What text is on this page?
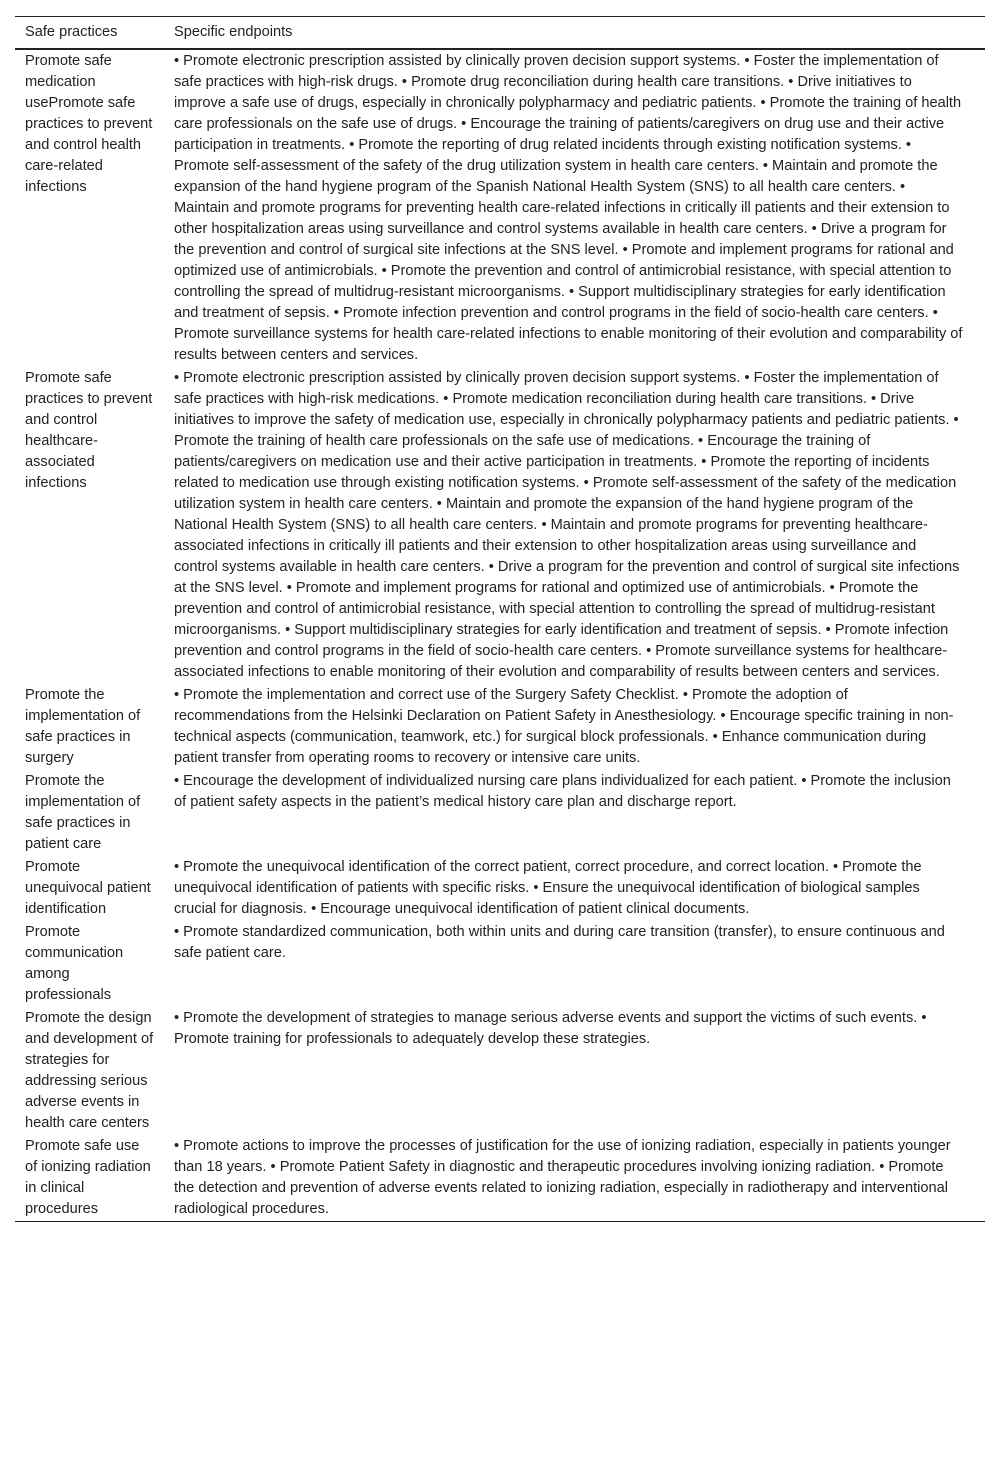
Safe practices	Specific endpoints
Promote safe medication usePromote safe practices to prevent and control health care-related infections	• Promote electronic prescription assisted by clinically proven decision support systems. • Foster the implementation of safe practices with high-risk drugs. • Promote drug reconciliation during health care transitions. • Drive initiatives to improve a safe use of drugs, especially in chronically polypharmacy and pediatric patients. • Promote the training of health care professionals on the safe use of drugs. • Encourage the training of patients/caregivers on drug use and their active participation in treatments. • Promote the reporting of drug related incidents through existing notification systems. • Promote self-assessment of the safety of the drug utilization system in health care centers. • Maintain and promote the expansion of the hand hygiene program of the Spanish National Health System (SNS) to all health care centers. • Maintain and promote programs for preventing health care-related infections in critically ill patients and their extension to other hospitalization areas using surveillance and control systems available in health care centers. • Drive a program for the prevention and control of surgical site infections at the SNS level. • Promote and implement programs for rational and optimized use of antimicrobials. • Promote the prevention and control of antimicrobial resistance, with special attention to controlling the spread of multidrug-resistant microorganisms. • Support multidisciplinary strategies for early identification and treatment of sepsis. • Promote infection prevention and control programs in the field of socio-health care centers. • Promote surveillance systems for health care-related infections to enable monitoring of their evolution and comparability of results between centers and services.
Promote safe practices to prevent and control healthcare-associated infections	• Promote electronic prescription assisted by clinically proven decision support systems. • Foster the implementation of safe practices with high-risk medications. • Promote medication reconciliation during health care transitions. • Drive initiatives to improve the safety of medication use, especially in chronically polypharmacy patients and pediatric patients. • Promote the training of health care professionals on the safe use of medications. • Encourage the training of patients/caregivers on medication use and their active participation in treatments. • Promote the reporting of incidents related to medication use through existing notification systems. • Promote self-assessment of the safety of the medication utilization system in health care centers. • Maintain and promote the expansion of the hand hygiene program of the National Health System (SNS) to all health care centers. • Maintain and promote programs for preventing healthcare-associated infections in critically ill patients and their extension to other hospitalization areas using surveillance and control systems available in health care centers. • Drive a program for the prevention and control of surgical site infections at the SNS level. • Promote and implement programs for rational and optimized use of antimicrobials. • Promote the prevention and control of antimicrobial resistance, with special attention to controlling the spread of multidrug-resistant microorganisms. • Support multidisciplinary strategies for early identification and treatment of sepsis. • Promote infection prevention and control programs in the field of socio-health care centers. • Promote surveillance systems for healthcare-associated infections to enable monitoring of their evolution and comparability of results between centers and services.
Promote the implementation of safe practices in surgery	• Promote the implementation and correct use of the Surgery Safety Checklist. • Promote the adoption of recommendations from the Helsinki Declaration on Patient Safety in Anesthesiology. • Encourage specific training in non-technical aspects (communication, teamwork, etc.) for surgical block professionals. • Enhance communication during patient transfer from operating rooms to recovery or intensive care units.
Promote the implementation of safe practices in patient care	• Encourage the development of individualized nursing care plans individualized for each patient. • Promote the inclusion of patient safety aspects in the patient’s medical history care plan and discharge report.
Promote unequivocal patient identification	• Promote the unequivocal identification of the correct patient, correct procedure, and correct location. • Promote the unequivocal identification of patients with specific risks. • Ensure the unequivocal identification of biological samples crucial for diagnosis. • Encourage unequivocal identification of patient clinical documents.
Promote communication among professionals	• Promote standardized communication, both within units and during care transition (transfer), to ensure continuous and safe patient care.
Promote the design and development of strategies for addressing serious adverse events in health care centers	• Promote the development of strategies to manage serious adverse events and support the victims of such events. • Promote training for professionals to adequately develop these strategies.
Promote safe use of ionizing radiation in clinical procedures	• Promote actions to improve the processes of justification for the use of ionizing radiation, especially in patients younger than 18 years. • Promote Patient Safety in diagnostic and therapeutic procedures involving ionizing radiation. • Promote the detection and prevention of adverse events related to ionizing radiation, especially in radiotherapy and interventional radiological procedures.
